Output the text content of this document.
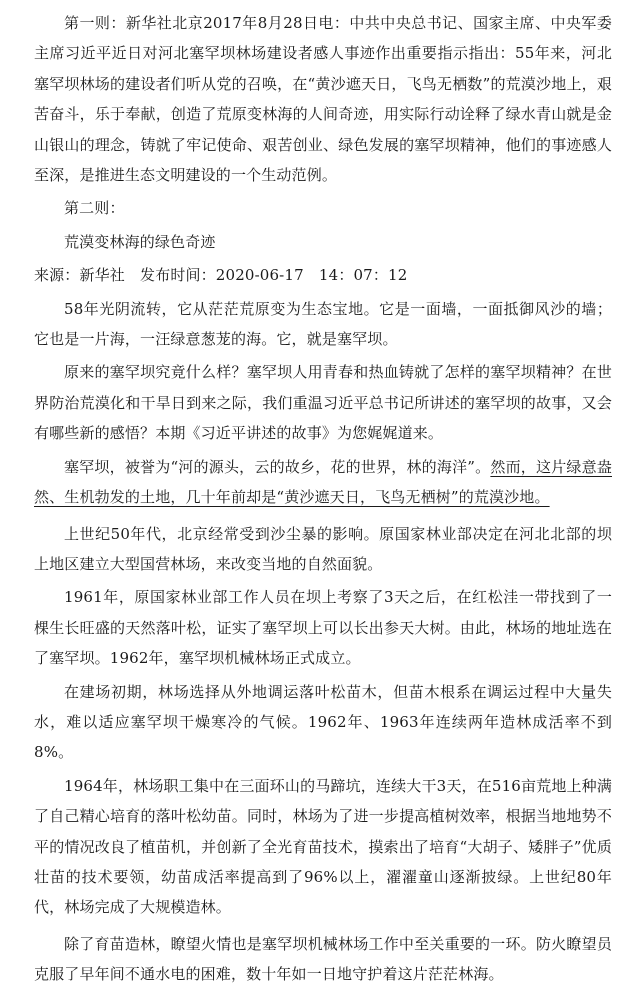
第一则：新华社北京2017年8月28日电：中共中央总书记、国家主席、中央军委主席习近平近日对河北塞罕坝林场建设者感人事迹作出重要指示指出：55年来，河北塞罕坝林场的建设者们听从党的召唤，在“黄沙遮天日，飞鸟无栖数”的荒漠沙地上，艰苦奋斗，乐于奉献，创造了荒原变林海的人间奇迹，用实际行动诠释了绿水青山就是金山银山的理念，铸就了牢记使命、艰苦创业、绿色发展的塞罕坝精神，他们的事迹感人至深，是推进生态文明建设的一个生动范例。

第二则：

荒漠变林海的绿色奇迹

来源：新华社　发布时间：2020-06-17　14：07：12

58年光阴流转，它从茫茫荒原变为生态宝地。它是一面墙，一面抵御风沙的墙；它也是一片海，一汪绿意葱茏的海。它，就是塞罕坝。

原来的塞罕坝究竟什么样？塞罕坝人用青春和热血铸就了怎样的塞罕坝精神？在世界防治荒漠化和干旱日到来之际，我们重温习近平总书记所讲述的塞罕坝的故事，又会有哪些新的感悟？本期《习近平讲述的故事》为您娓娓道来。

塞罕坝，被誉为“河的源头，云的故乡，花的世界，林的海洋”。然而，这片绿意盎然、生机勃发的土地，几十年前却是“黄沙遮天日，飞鸟无栖树”的荒漠沙地。

上世纪50年代，北京经常受到沙尘暴的影响。原国家林业部决定在河北北部的坝上地区建立大型国营林场，来改变当地的自然面貌。

1961年，原国家林业部工作人员在坝上考察了3天之后，在红松洼一带找到了一棵生长旺盛的天然落叶松，证实了塞罕坝上可以长出参天大树。由此，林场的地址选在了塞罕坝。1962年，塞罕坝机械林场正式成立。

在建场初期，林场选择从外地调运落叶松苗木，但苗木根系在调运过程中大量失水，难以适应塞罕坝干燥寒冷的气候。1962年、1963年连续两年造林成活率不到8%。

1964年，林场职工集中在三面环山的马蹄坑，连续大干3天，在516亩荒地上种满了自己精心培育的落叶松幼苗。同时，林场为了进一步提高植树效率，根据当地地势不平的情况改良了植苗机，并创新了全光育苗技术，摸索出了培育“大胡子、矮胖子”优质壮苗的技术要领，幼苗成活率提高到了96%以上，濯濯童山逐渐披绿。上世纪80年代，林场完成了大规模造林。

除了育苗造林，瞭望火情也是塞罕坝机械林场工作中至关重要的一环。防火瞭望员克服了早年间不通水电的困难，数十年如一日地守护着这片茫茫林海。
